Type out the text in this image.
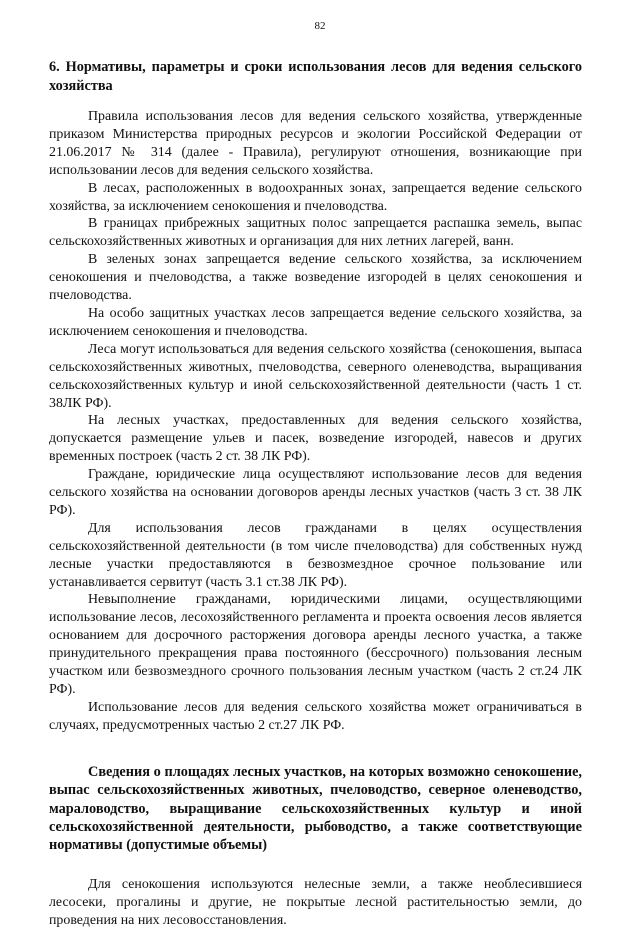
82

6. Нормативы, параметры и сроки использования лесов для ведения сельского хозяйства

Правила использования лесов для ведения сельского хозяйства, утвержденные приказом Министерства природных ресурсов и экологии Российской Федерации от 21.06.2017 № 314 (далее - Правила), регулируют отношения, возникающие при использовании лесов для ведения сельского хозяйства.

В лесах, расположенных в водоохранных зонах, запрещается ведение сельского хозяйства, за исключением сенокошения и пчеловодства.

В границах прибрежных защитных полос запрещается распашка земель, выпас сельскохозяйственных животных и организация для них летних лагерей, ванн.

В зеленых зонах запрещается ведение сельского хозяйства, за исключением сенокошения и пчеловодства, а также возведение изгородей в целях сенокошения и пчеловодства.

На особо защитных участках лесов запрещается ведение сельского хозяйства, за исключением сенокошения и пчеловодства.

Леса могут использоваться для ведения сельского хозяйства (сенокошения, выпаса сельскохозяйственных животных, пчеловодства, северного оленеводства, выращивания сельскохозяйственных культур и иной сельскохозяйственной деятельности (часть 1 ст. 38ЛК РФ).

На лесных участках, предоставленных для ведения сельского хозяйства, допускается размещение ульев и пасек, возведение изгородей, навесов и других временных построек (часть 2 ст. 38 ЛК РФ).

Граждане, юридические лица осуществляют использование лесов для ведения сельского хозяйства на основании договоров аренды лесных участков (часть 3 ст. 38 ЛК РФ).

Для использования лесов гражданами в целях осуществления сельскохозяйственной деятельности (в том числе пчеловодства) для собственных нужд лесные участки предоставляются в безвозмездное срочное пользование или устанавливается сервитут (часть 3.1 ст.38 ЛК РФ).

Невыполнение гражданами, юридическими лицами, осуществляющими использование лесов, лесохозяйственного регламента и проекта освоения лесов является основанием для досрочного расторжения договора аренды лесного участка, а также принудительного прекращения права постоянного (бессрочного) пользования лесным участком или безвозмездного срочного пользования лесным участком (часть 2 ст.24 ЛК РФ).

Использование лесов для ведения сельского хозяйства может ограничиваться в случаях, предусмотренных частью 2 ст.27 ЛК РФ.

Сведения о площадях лесных участков, на которых возможно сенокошение, выпас сельскохозяйственных животных, пчеловодство, северное оленеводство, мараловодство, выращивание сельскохозяйственных культур и иной сельскохозяйственной деятельности, рыбоводство, а также соответствующие нормативы (допустимые объемы)

Для сенокошения используются нелесные земли, а также необлесившиеся лесосеки, прогалины и другие, не покрытые лесной растительностью земли, до проведения на них лесовосстановления.
